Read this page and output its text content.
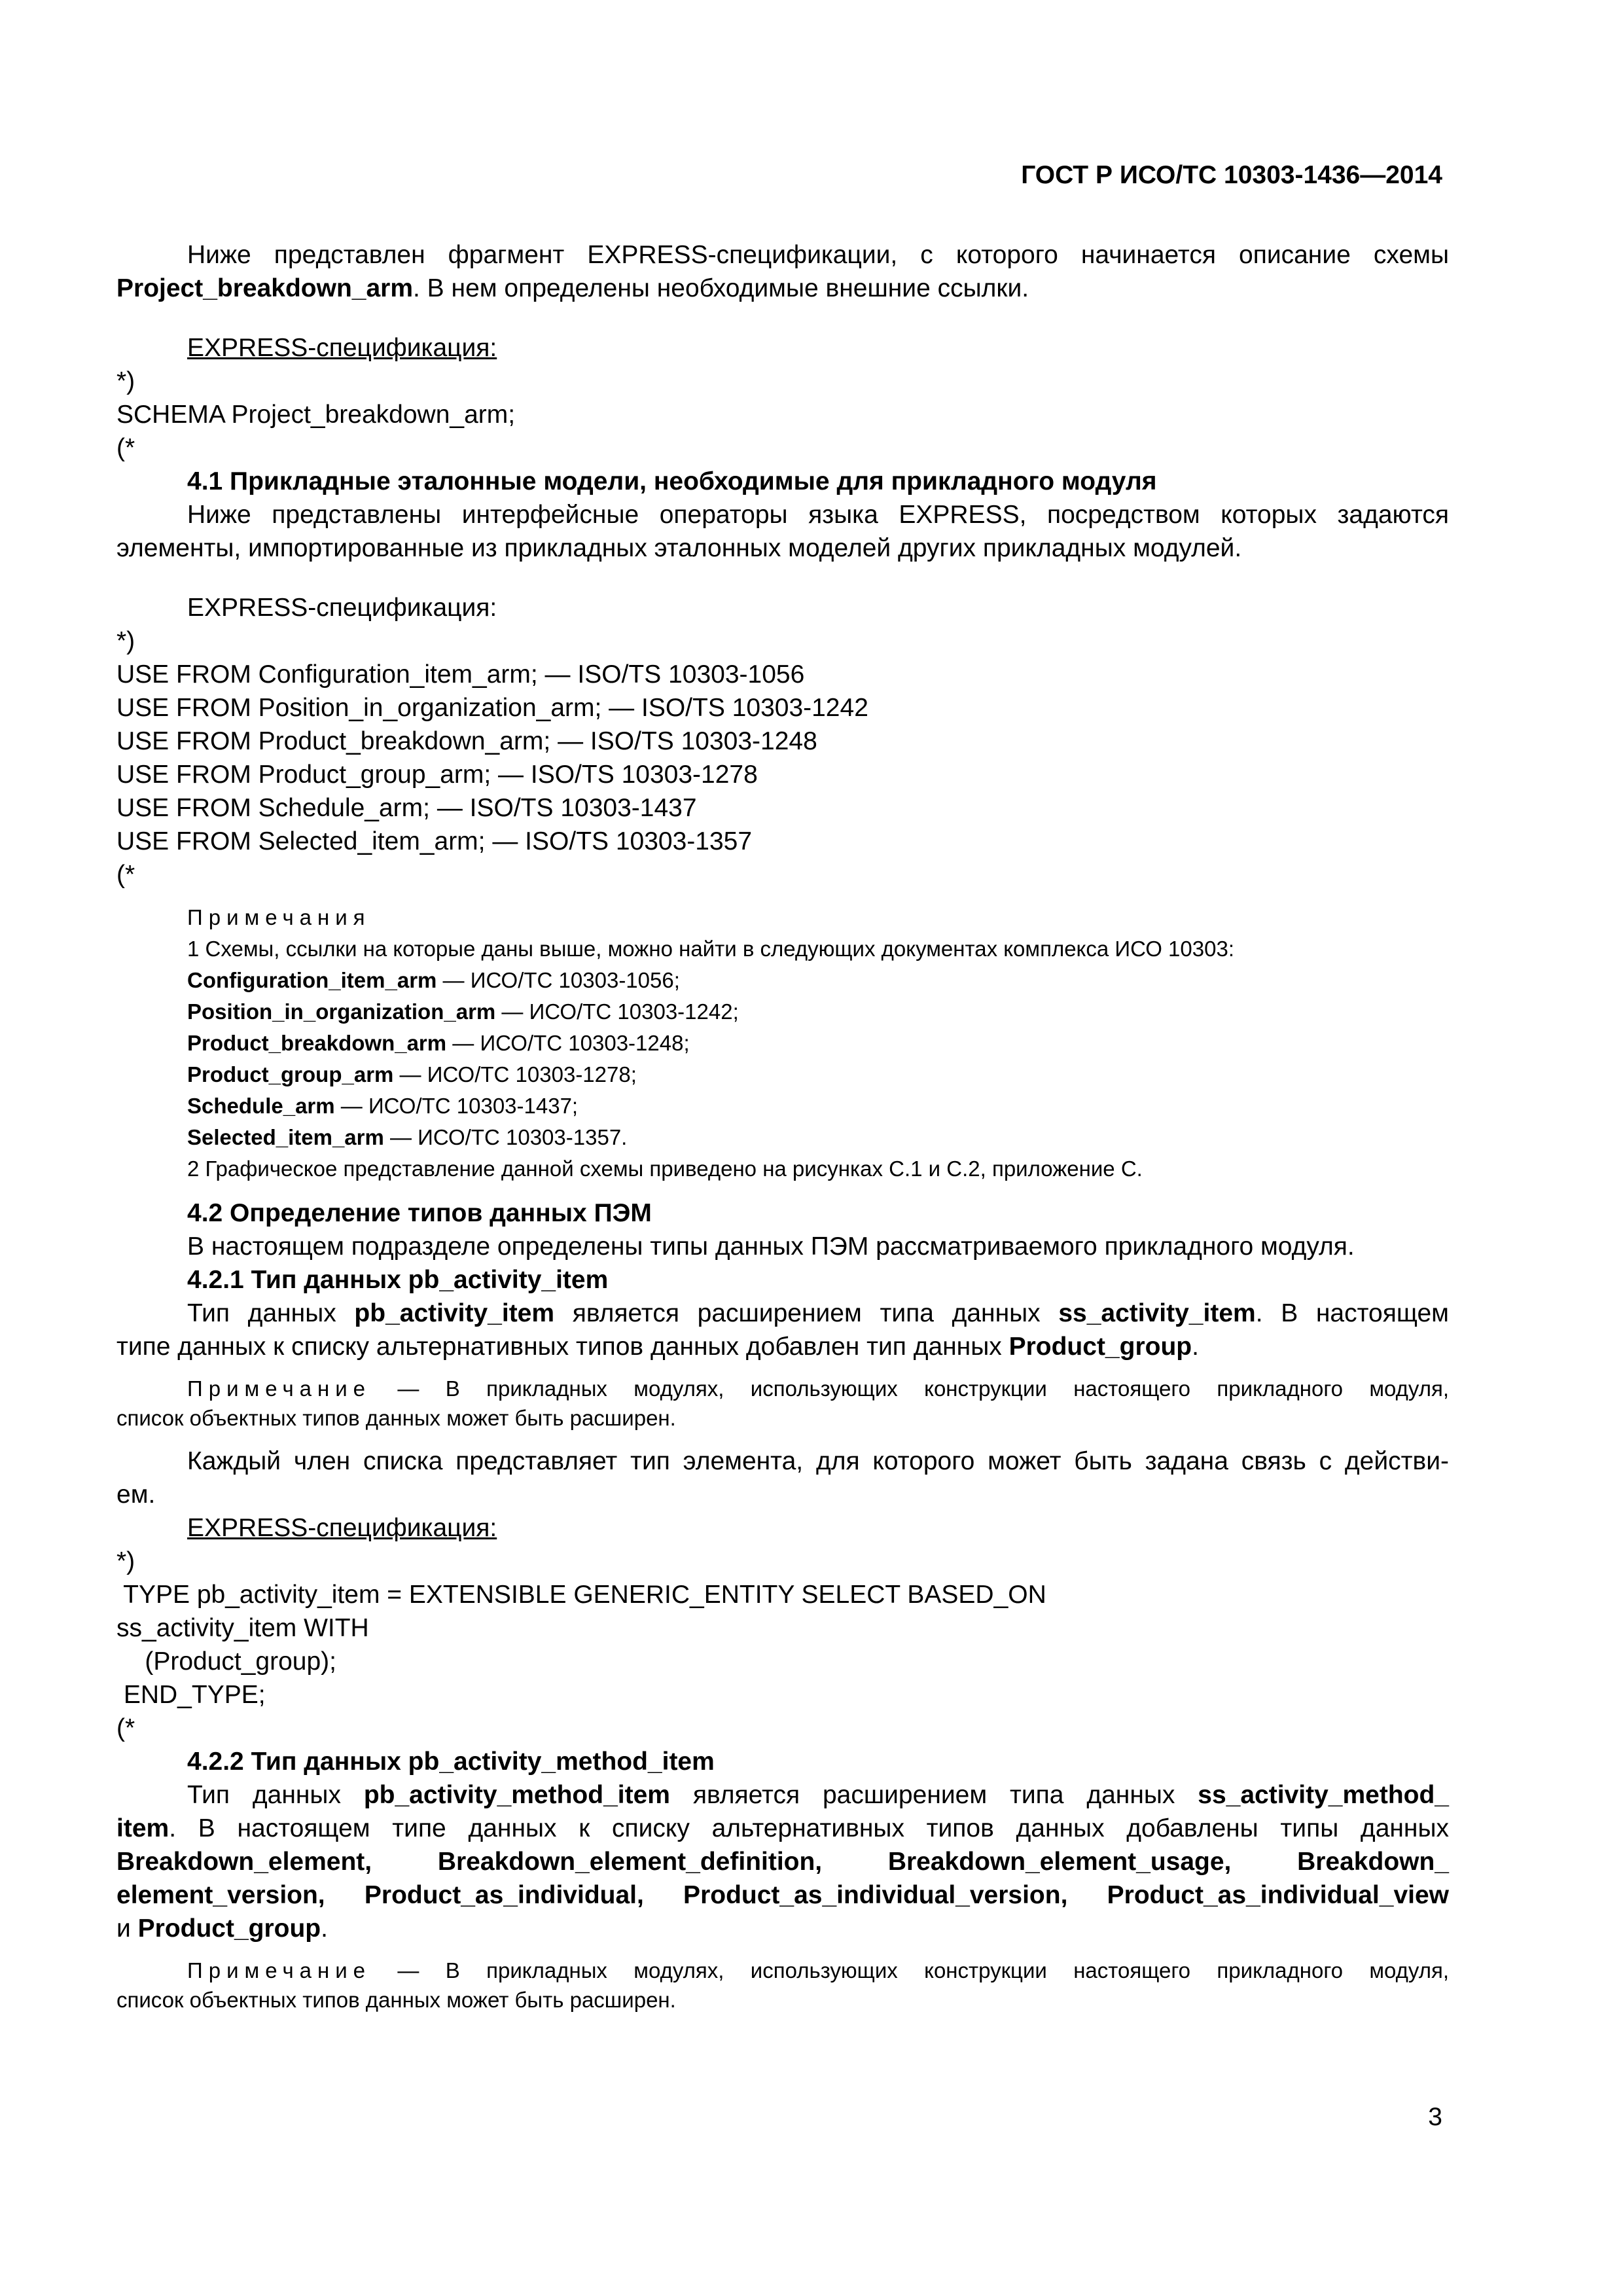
ГОСТ Р ИСО/ТС 10303-1436—2014

Ниже представлен фрагмент EXPRESS-спецификации, с которого начинается описание схемы

Project_breakdown_arm. В нем определены необходимые внешние ссылки.
EXPRESS-спецификация:
*)
SCHEMA Project_breakdown_arm;
(*
4.1 Прикладные эталонные модели, необходимые для прикладного модуля

Ниже представлены интерфейсные операторы языка EXPRESS, посредством которых задаются

элементы, импортированные из прикладных эталонных моделей других прикладных модулей.
EXPRESS-спецификация:
*)
USE FROM Configuration_item_arm; — ISO/TS 10303-1056
USE FROM Position_in_organization_arm; — ISO/TS 10303-1242
USE FROM Product_breakdown_arm; — ISO/TS 10303-1248
USE FROM Product_group_arm; — ISO/TS 10303-1278
USE FROM Schedule_arm; — ISO/TS 10303-1437
USE FROM Selected_item_arm; — ISO/TS 10303-1357
(*
Примечания
1 Схемы, ссылки на которые даны выше, можно найти в следующих документах комплекса ИСО 10303:
Configuration_item_arm — ИСО/ТС 10303-1056;
Position_in_organization_arm — ИСО/ТС 10303-1242;
Product_breakdown_arm — ИСО/ТС 10303-1248;
Product_group_arm — ИСО/ТС 10303-1278;
Schedule_arm — ИСО/ТС 10303-1437;
Selected_item_arm — ИСО/ТС 10303-1357.
2 Графическое представление данной схемы приведено на рисунках С.1 и С.2, приложение С.
4.2 Определение типов данных ПЭМ
В настоящем подразделе определены типы данных ПЭМ рассматриваемого прикладного модуля.
4.2.1 Тип данных pb_activity_item

Тип данных pb_activity_item является расширением типа данных ss_activity_item. В настоящем

типе данных к списку альтернативных типов данных добавлен тип данных Product_group.

Примечание — В прикладных модулях, использующих конструкции настоящего прикладного модуля,

список объектных типов данных может быть расширен.

Каждый член списка представляет тип элемента, для которого может быть задана связь с действи-

ем.
EXPRESS-спецификация:
*)
TYPE pb_activity_item = EXTENSIBLE GENERIC_ENTITY SELECT BASED_ON
ss_activity_item WITH
(Product_group);
END_TYPE;
(*
4.2.2 Тип данных pb_activity_method_item

Тип данных pb_activity_method_item является расширением типа данных ss_activity_method_

item. В настоящем типе данных к списку альтернативных типов данных добавлены типы данных

Breakdown_element, Breakdown_element_definition, Breakdown_element_usage, Breakdown_

element_version, Product_as_individual, Product_as_individual_version, Product_as_individual_view

и Product_group.

Примечание — В прикладных модулях, использующих конструкции настоящего прикладного модуля,

список объектных типов данных может быть расширен.
3
